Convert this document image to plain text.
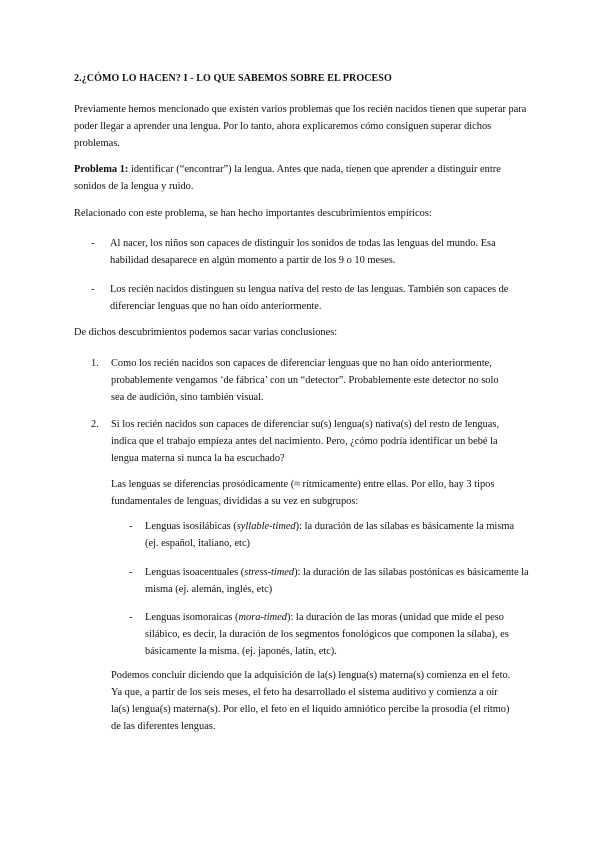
2.¿CÓMO LO HACEN? I - LO QUE SABEMOS SOBRE EL PROCESO

Previamente hemos mencionado que existen varios problemas que los recién nacidos tienen que superar para poder llegar a aprender una lengua. Por lo tanto, ahora explicaremos cómo consiguen superar dichos problemas.

Problema 1: identificar (“encontrar”) la lengua. Antes que nada, tienen que aprender a distinguir entre sonidos de la lengua y ruido.

Relacionado con este problema, se han hecho importantes descubrimientos empíricos:

- Al nacer, los niños son capaces de distinguir los sonidos de todas las lenguas del mundo. Esa habilidad desaparece en algún momento a partir de los 9 o 10 meses.
- Los recién nacidos distinguen su lengua nativa del resto de las lenguas. También son capaces de diferenciar lenguas que no han oído anteriormente.

De dichos descubrimientos podemos sacar varias conclusiones:

1. Como los recién nacidos son capaces de diferenciar lenguas que no han oído anteriormente, probablemente vengamos ‘de fábrica’ con un “detector”. Probablemente este detector no solo sea de audición, sino también visual.
2. Si los recién nacidos son capaces de diferenciar su(s) lengua(s) nativa(s) del resto de lenguas, indica que el trabajo empieza antes del nacimiento. Pero, ¿cómo podría identificar un bebé la lengua materna si nunca la ha escuchado?

Las lenguas se diferencias prosódicamente (≈ rítmicamente) entre ellas. Por ello, hay 3 tipos fundamentales de lenguas, divididas a su vez en subgrupos:

- Lenguas isosilábicas (syllable-timed): la duración de las sílabas es básicamente la misma (ej. español, italiano, etc)
- Lenguas isoacentuales (stress-timed): la duración de las sílabas postónicas es básicamente la misma (ej. alemán, inglés, etc)
- Lenguas isomoraicas (mora-timed): la duración de las moras (unidad que mide el peso silábico, es decir, la duración de los segmentos fonológicos que componen la sílaba), es básicamente la misma. (ej. japonés, latín, etc).

Podemos concluir diciendo que la adquisición de la(s) lengua(s) materna(s) comienza en el feto. Ya que, a partir de los seis meses, el feto ha desarrollado el sistema auditivo y comienza a oír la(s) lengua(s) materna(s). Por ello, el feto en el líquido amniótico percibe la prosodia (el ritmo) de las diferentes lenguas.
